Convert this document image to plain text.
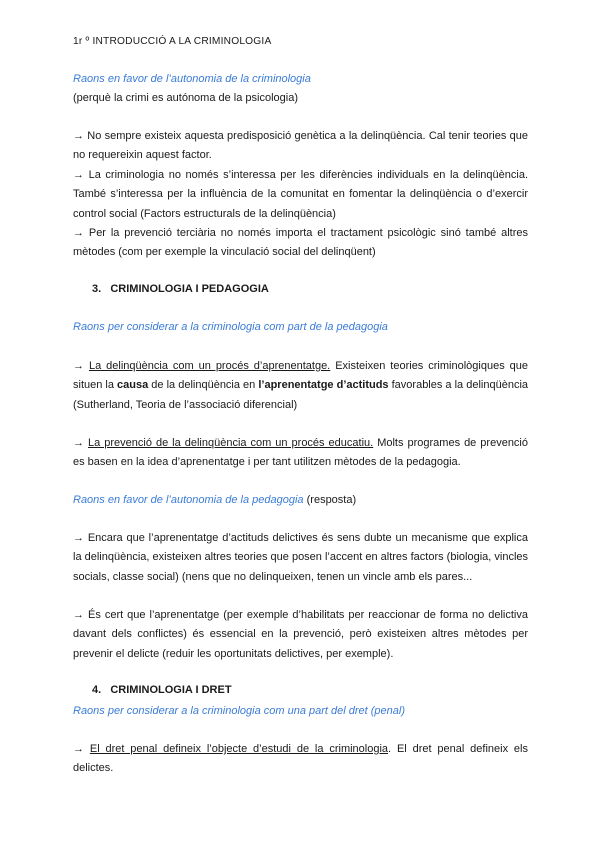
1r º INTRODUCCIÓ A LA CRIMINOLOGIA
Raons en favor de l’autonomia de la criminologia
(perquè la crimi es autónoma de la psicologia)

→ No sempre existeix aquesta predisposició genètica a la delinqüència. Cal tenir teories que no requereixin aquest factor.

→ La criminologia no només s’interessa per les diferències individuals en la delinqüència. També s’interessa per la influència de la comunitat en fomentar la delinqüència o d’exercir control social (Factors estructurals de la delinqüència)

→ Per la prevenció terciària no només importa el tractament psicològic sinó també altres mètodes (com per exemple la vinculació social del delinqüent)

3.   CRIMINOLOGIA I PEDAGOGIA
Raons per considerar a la criminologia com part de la pedagogia

→ La delinqüència com un procés d’aprenentatge. Existeixen teories criminològiques que situen la causa de la delinqüència en l’aprenentatge d’actituds favorables a la delinqüència (Sutherland, Teoria de l’associació diferencial)

→ La prevenció de la delinqüència com un procés educatiu. Molts programes de prevenció es basen en la idea d’aprenentatge i per tant utilitzen mètodes de la pedagogia.

Raons en favor de l’autonomia de la pedagogia (resposta)

→ Encara que l’aprenentatge d’actituds delictives és sens dubte un mecanisme que explica la delinqüència, existeixen altres teories que posen l’accent en altres factors (biologia, vincles socials, classe social) (nens que no delinqueixen, tenen un vincle amb els pares...

→ És cert que l’aprenentatge (per exemple d’habilitats per reaccionar de forma no delictiva davant dels conflictes) és essencial en la prevenció, però existeixen altres mètodes per prevenir el delicte (reduir les oportunitats delictives, per exemple).

4.   CRIMINOLOGIA I DRET
Raons per considerar a la criminologia com una part del dret (penal)

→ El dret penal defineix l’objecte d’estudi de la criminologia. El dret penal defineix els delictes.
